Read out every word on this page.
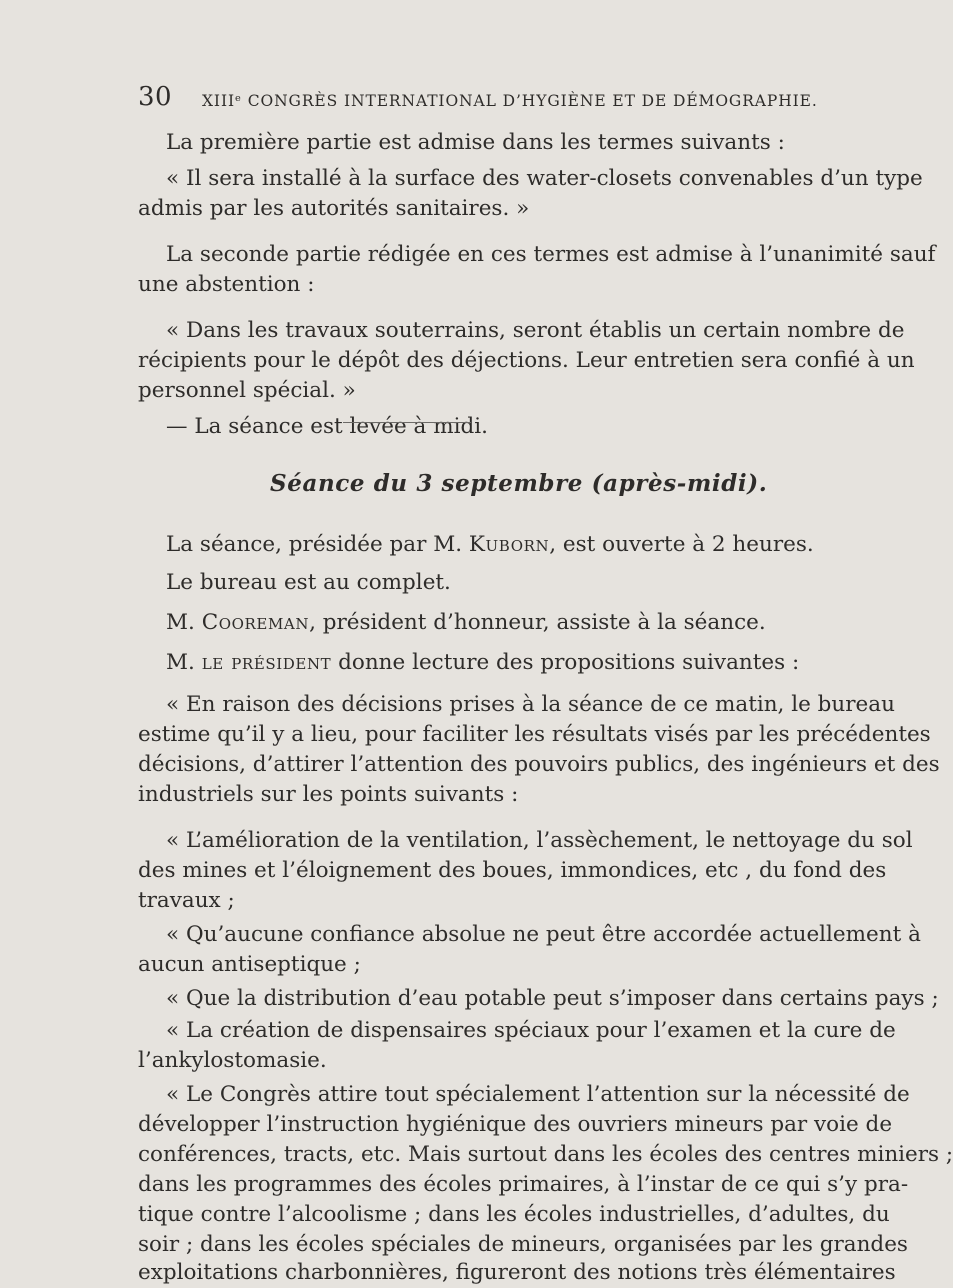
30 XIIIᵉ CONGRÈS INTERNATIONAL D’HYGIÈNE ET DE DÉMOGRAPHIE.

La première partie est admise dans les termes suivants :

« Il sera installé à la surface des water-closets convenables d’un type

admis par les autorités sanitaires. »

La seconde partie rédigée en ces termes est admise à l’unanimité sauf

une abstention :

« Dans les travaux souterrains, seront établis un certain nombre de

récipients pour le dépôt des déjections. Leur entretien sera confié à un

personnel spécial. »

— La séance est levée à midi.

Séance du 3 septembre (après-midi).

La séance, présidée par M. Kuborn, est ouverte à 2 heures.

Le bureau est au complet.

M. Cooreman, président d’honneur, assiste à la séance.

M. le président donne lecture des propositions suivantes :

« En raison des décisions prises à la séance de ce matin, le bureau

estime qu’il y a lieu, pour faciliter les résultats visés par les précédentes

décisions, d’attirer l’attention des pouvoirs publics, des ingénieurs et des

industriels sur les points suivants :

« L’amélioration de la ventilation, l’assèchement, le nettoyage du sol

des mines et l’éloignement des boues, immondices, etc , du fond des

travaux ;

« Qu’aucune confiance absolue ne peut être accordée actuellement à

aucun antiseptique ;

« Que la distribution d’eau potable peut s’imposer dans certains pays ;

« La création de dispensaires spéciaux pour l’examen et la cure de

l’ankylostomasie.

« Le Congrès attire tout spécialement l’attention sur la nécessité de

développer l’instruction hygiénique des ouvriers mineurs par voie de

conférences, tracts, etc. Mais surtout dans les écoles des centres miniers ;

dans les programmes des écoles primaires, à l’instar de ce qui s’y pra-

tique contre l’alcoolisme ; dans les écoles industrielles, d’adultes, du

soir ; dans les écoles spéciales de mineurs, organisées par les grandes

exploitations charbonnières, figureront des notions très élémentaires
